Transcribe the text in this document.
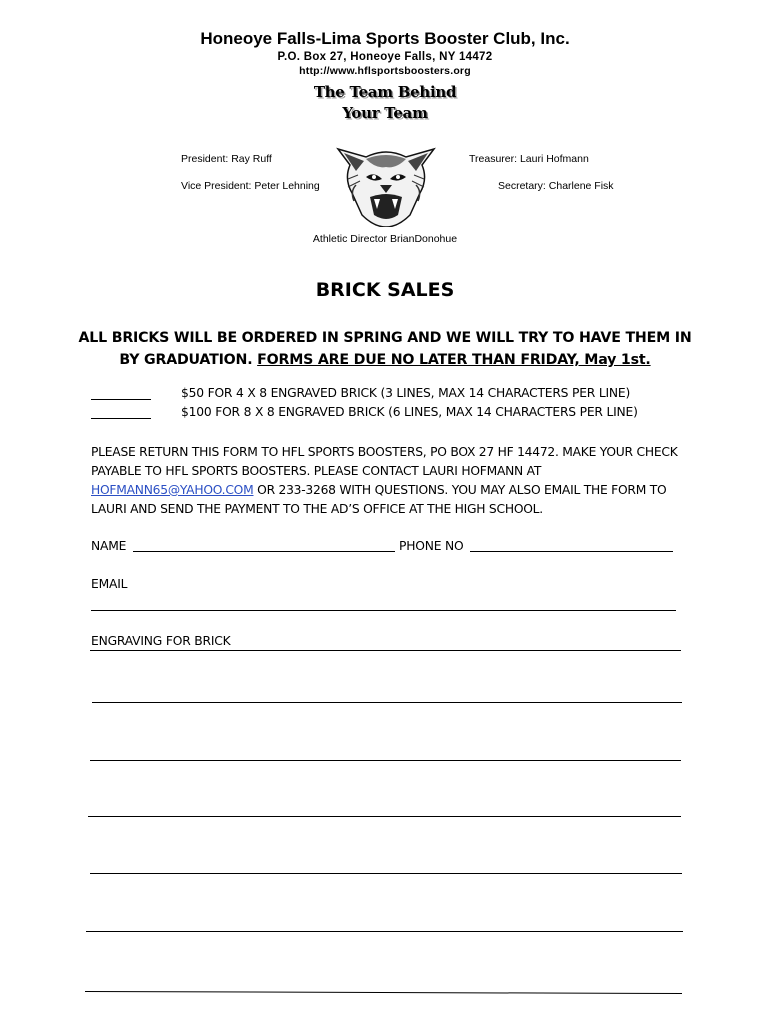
Honeoye Falls-Lima Sports Booster Club, Inc.
P.O. Box 27, Honeoye Falls, NY 14472
http://www.hflsportsboosters.org
The Team Behind
Your Team
President: Ray Ruff
Vice President: Peter Lehning
Treasurer: Lauri Hofmann
Secretary: Charlene Fisk
Athletic Director BrianDonohue
BRICK SALES
ALL BRICKS WILL BE ORDERED IN SPRING AND WE WILL TRY TO HAVE THEM IN
BY GRADUATION. FORMS ARE DUE NO LATER THAN FRIDAY, May 1st.
$50 FOR 4 X 8 ENGRAVED BRICK (3 LINES, MAX 14 CHARACTERS PER LINE)
$100 FOR 8 X 8 ENGRAVED BRICK (6 LINES, MAX 14 CHARACTERS PER LINE)
PLEASE RETURN THIS FORM TO HFL SPORTS BOOSTERS, PO BOX 27 HF 14472. MAKE YOUR CHECK PAYABLE TO HFL SPORTS BOOSTERS. PLEASE CONTACT LAURI HOFMANN AT HOFMANN65@YAHOO.COM OR 233-3268 WITH QUESTIONS. YOU MAY ALSO EMAIL THE FORM TO LAURI AND SEND THE PAYMENT TO THE AD’S OFFICE AT THE HIGH SCHOOL.
NAME	PHONE NO
EMAIL
ENGRAVING FOR BRICK
